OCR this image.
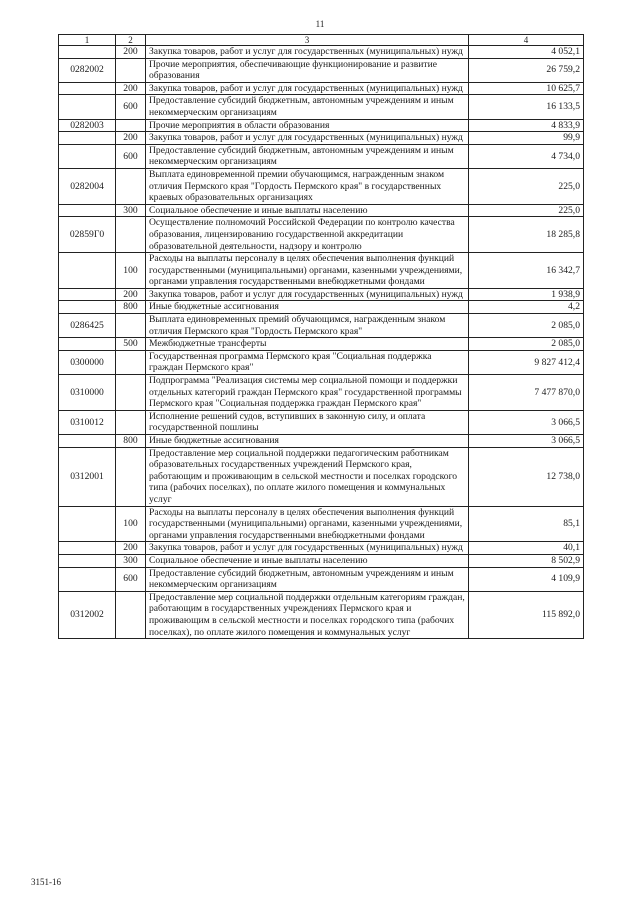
11
1	2	3	4
	200	Закупка товаров, работ и услуг для государственных (муниципальных) нужд	4 052,1
0282002		Прочие мероприятия, обеспечивающие функционирование и развитие образования	26 759,2
	200	Закупка товаров, работ и услуг для государственных (муниципальных) нужд	10 625,7
	600	Предоставление субсидий бюджетным, автономным учреждениям и иным некоммерческим организациям	16 133,5
0282003		Прочие мероприятия в области образования	4 833,9
	200	Закупка товаров, работ и услуг для государственных (муниципальных) нужд	99,9
	600	Предоставление субсидий бюджетным, автономным учреждениям и иным некоммерческим организациям	4 734,0
0282004		Выплата единовременной премии обучающимся, награжденным знаком отличия Пермского края "Гордость Пермского края" в государственных краевых образовательных организациях	225,0
	300	Социальное обеспечение и иные выплаты населению	225,0
02859Г0		Осуществление полномочий Российской Федерации по контролю качества образования, лицензированию государственной аккредитации образовательной деятельности, надзору и контролю	18 285,8
	100	Расходы на выплаты персоналу в целях обеспечения выполнения функций государственными (муниципальными) органами, казенными учреждениями, органами управления государственными внебюджетными фондами	16 342,7
	200	Закупка товаров, работ и услуг для государственных (муниципальных) нужд	1 938,9
	800	Иные бюджетные ассигнования	4,2
0286425		Выплата единовременных премий обучающимся, награжденным знаком отличия Пермского края "Гордость Пермского края"	2 085,0
	500	Межбюджетные трансферты	2 085,0
0300000		Государственная программа Пермского края "Социальная поддержка граждан Пермского края"	9 827 412,4
0310000		Подпрограмма "Реализация системы мер социальной помощи и поддержки отдельных категорий граждан Пермского края" государственной программы Пермского края "Социальная поддержка граждан Пермского края"	7 477 870,0
0310012		Исполнение решений судов, вступивших в законную силу, и оплата государственной пошлины	3 066,5
	800	Иные бюджетные ассигнования	3 066,5
0312001		Предоставление мер социальной поддержки педагогическим работникам образовательных государственных учреждений Пермского края, работающим и проживающим в сельской местности и поселках городского типа (рабочих поселках), по оплате жилого помещения и коммунальных услуг	12 738,0
	100	Расходы на выплаты персоналу в целях обеспечения выполнения функций государственными (муниципальными) органами, казенными учреждениями, органами управления государственными внебюджетными фондами	85,1
	200	Закупка товаров, работ и услуг для государственных (муниципальных) нужд	40,1
	300	Социальное обеспечение и иные выплаты населению	8 502,9
	600	Предоставление субсидий бюджетным, автономным учреждениям и иным некоммерческим организациям	4 109,9
0312002		Предоставление мер социальной поддержки отдельным категориям граждан, работающим в государственных учреждениях Пермского края и проживающим в сельской местности и поселках городского типа (рабочих поселках), по оплате жилого помещения и коммунальных услуг	115 892,0
3151-16
